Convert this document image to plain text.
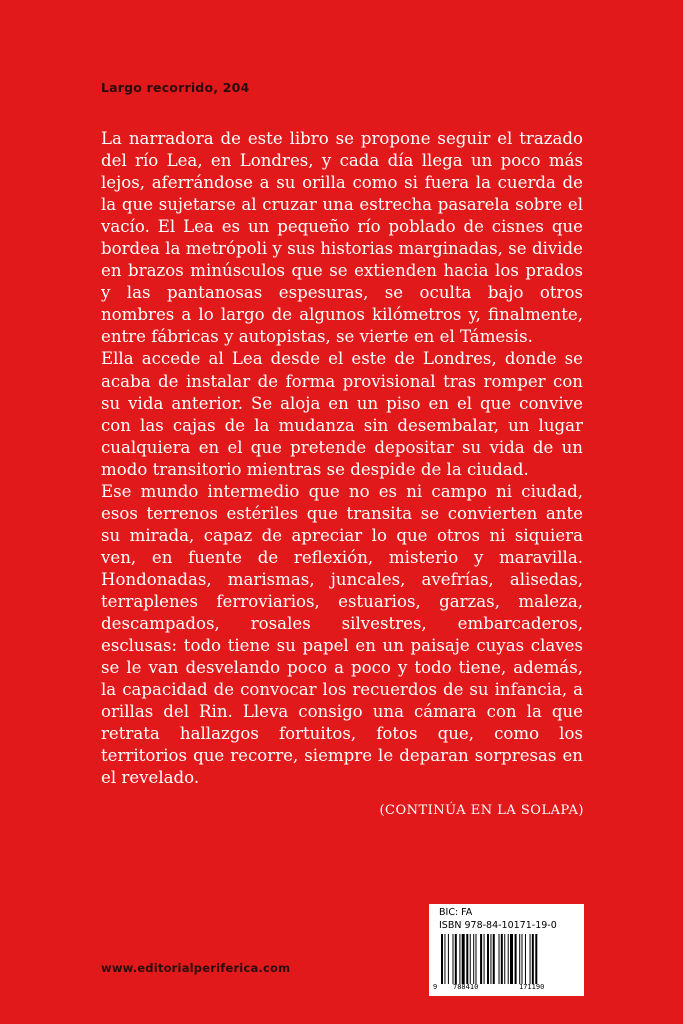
Largo recorrido, 204

La narradora de este libro se propone seguir el trazado del río Lea, en Londres, y cada día llega un poco más lejos, aferrándose a su orilla como si fuera la cuerda de la que sujetarse al cruzar una estrecha pasarela sobre el vacío. El Lea es un pequeño río poblado de cisnes que bordea la metrópoli y sus historias marginadas, se divide en brazos minúsculos que se extienden hacia los prados y las pantanosas espesuras, se oculta bajo otros nombres a lo largo de algunos kilómetros y, finalmente, entre fábricas y autopistas, se vierte en el Támesis.

Ella accede al Lea desde el este de Londres, donde se acaba de instalar de forma provisional tras romper con su vida anterior. Se aloja en un piso en el que convive con las cajas de la mudanza sin desembalar, un lugar cualquiera en el que pretende depositar su vida de un modo transitorio mientras se despide de la ciudad.

Ese mundo intermedio que no es ni campo ni ciudad, esos terrenos estériles que transita se convierten ante su mirada, capaz de apreciar lo que otros ni siquiera ven, en fuente de reflexión, misterio y maravilla. Hondonadas, marismas, juncales, avefrías, alisedas, terraplenes ferroviarios, estuarios, garzas, maleza, descampados, rosales silvestres, embarcaderos, esclusas: todo tiene su papel en un paisaje cuyas claves se le van desvelando poco a poco y todo tiene, además, la capacidad de convocar los recuerdos de su infancia, a orillas del Rin. Lleva consigo una cámara con la que retrata hallazgos fortuitos, fotos que, como los territorios que recorre, siempre le deparan sorpresas en el revelado.

(CONTINÚA EN LA SOLAPA)
www.editorialperiferica.com
BIC: FA
ISBN 978-84-10171-19-0
9 788410	171190
